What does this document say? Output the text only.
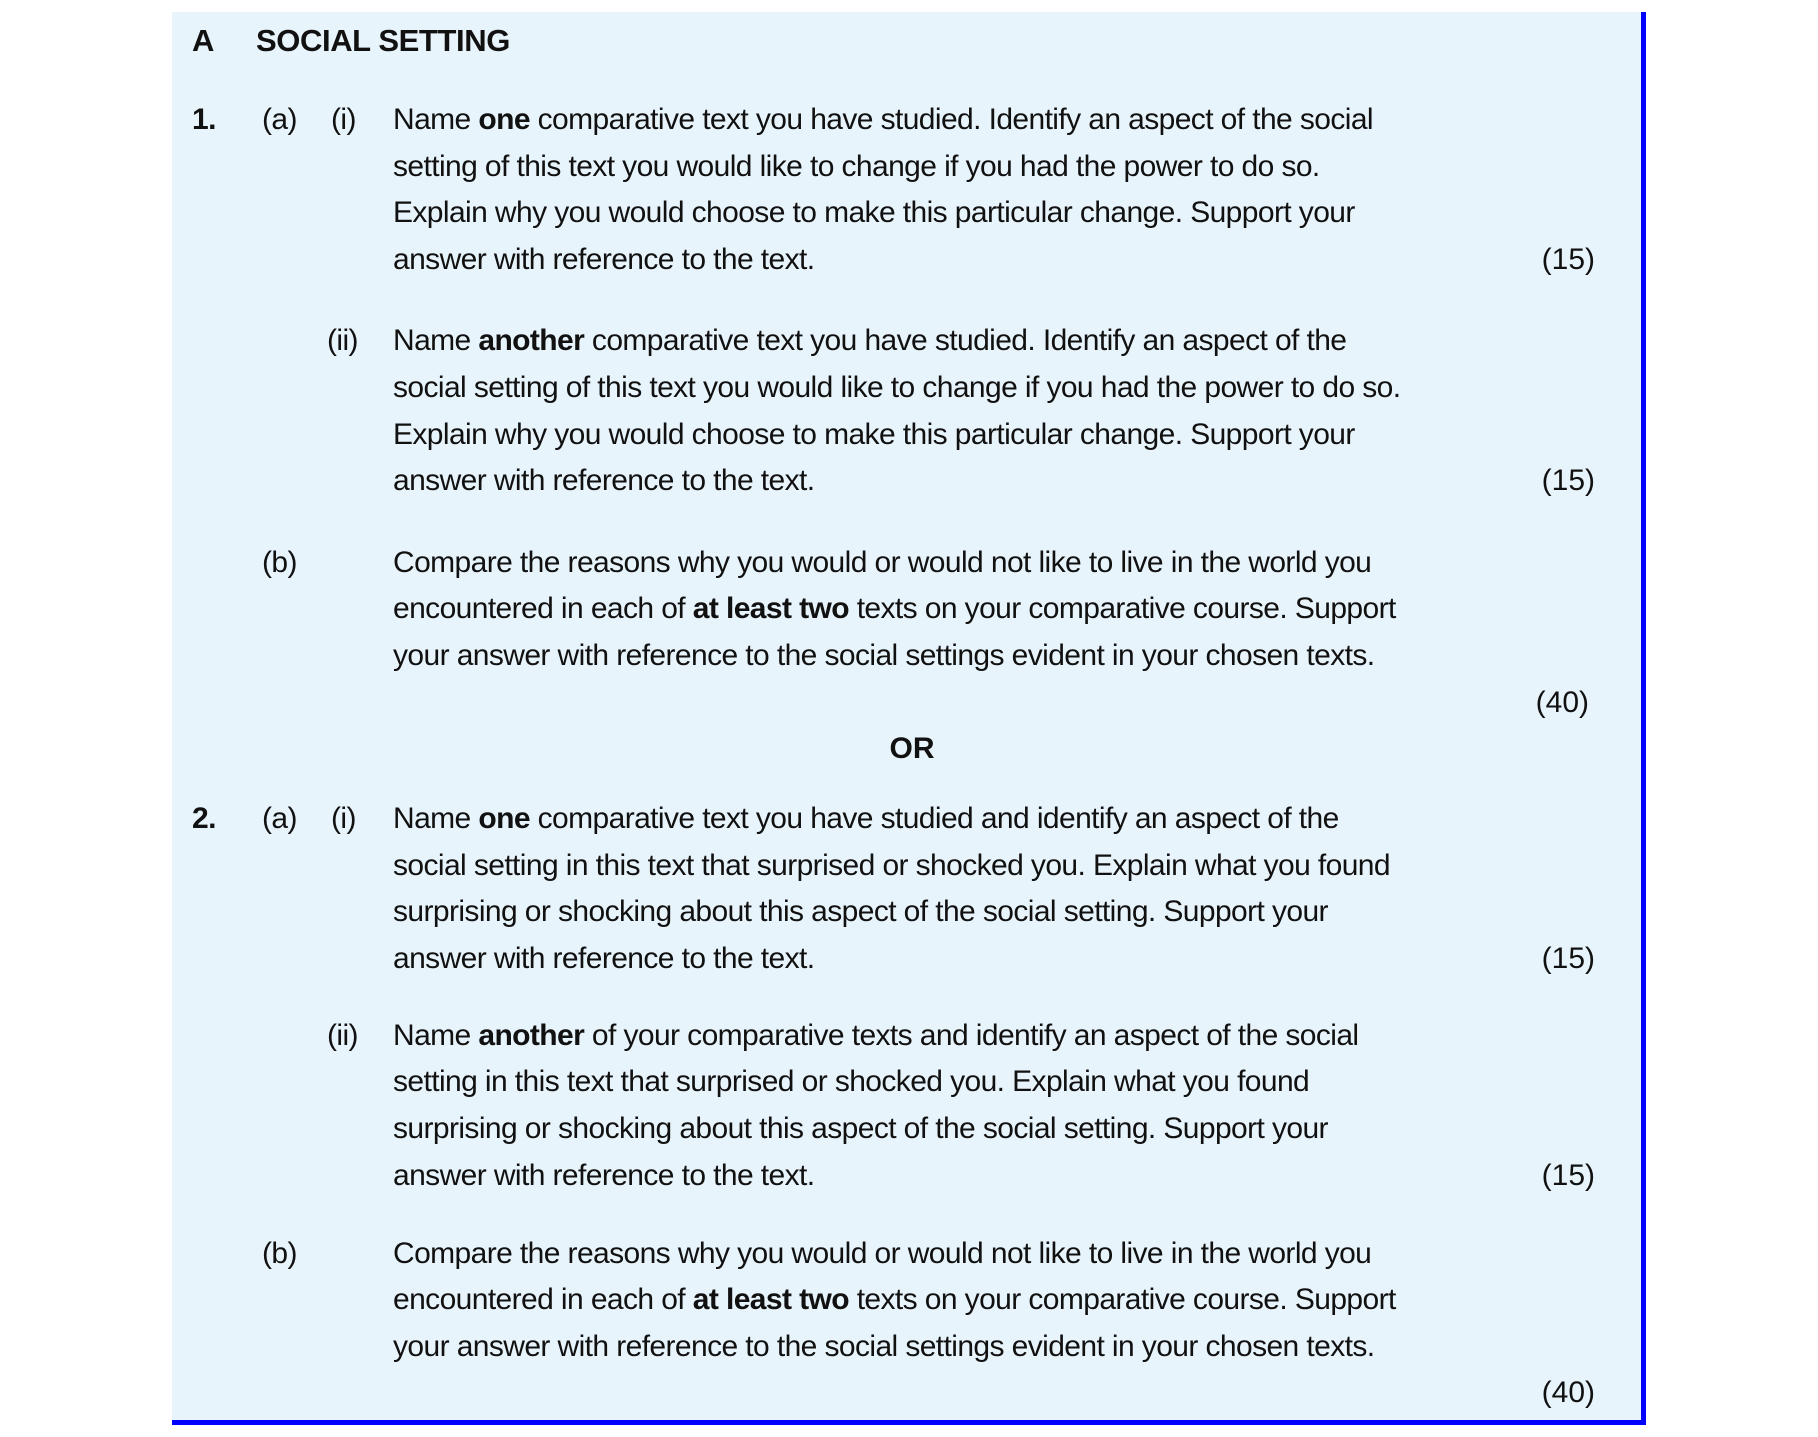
A SOCIAL SETTING
1. (a) (i) Name one comparative text you have studied. Identify an aspect of the social
setting of this text you would like to change if you had the power to do so.
Explain why you would choose to make this particular change. Support your
answer with reference to the text.	(15)
(ii) Name another comparative text you have studied. Identify an aspect of the
social setting of this text you would like to change if you had the power to do so.
Explain why you would choose to make this particular change. Support your
answer with reference to the text.	(15)
(b)	Compare the reasons why you would or would not like to live in the world you
encountered in each of at least two texts on your comparative course. Support
your answer with reference to the social settings evident in your chosen texts.
(40)
OR
2. (a) (i) Name one comparative text you have studied and identify an aspect of the
social setting in this text that surprised or shocked you. Explain what you found
surprising or shocking about this aspect of the social setting. Support your
answer with reference to the text.	(15)
(ii) Name another of your comparative texts and identify an aspect of the social
setting in this text that surprised or shocked you. Explain what you found
surprising or shocking about this aspect of the social setting. Support your
answer with reference to the text.	(15)
(b)	Compare the reasons why you would or would not like to live in the world you
encountered in each of at least two texts on your comparative course. Support
your answer with reference to the social settings evident in your chosen texts.
(40)
